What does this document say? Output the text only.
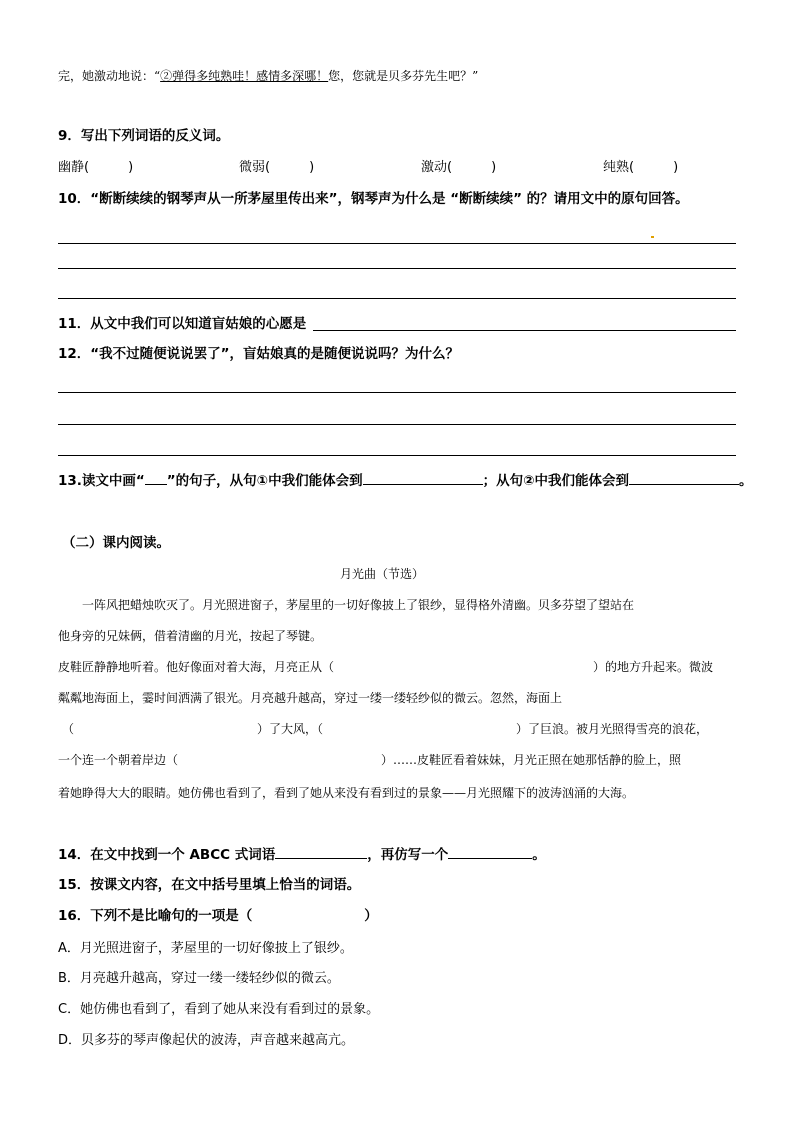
完，她激动地说：“②弹得多纯熟哇！感情多深哪！您，您就是贝多芬先生吧？”
9．写出下列词语的反义词。
幽静(　　　)	微弱(　　　)	激动(　　　)	纯熟(　　　)
10．“断断续续的钢琴声从一所茅屋里传出来”，钢琴声为什么是 “断断续续” 的？请用文中的原句回答。
11．从文中我们可以知道盲姑娘的心愿是
12．“我不过随便说说罢了”，盲姑娘真的是随便说说吗？为什么？
13.读文中画“ ”的句子，从句①中我们能体会到	；从句②中我们能体会到	。
（二）课内阅读。
月光曲（节选）
　　一阵风把蜡烛吹灭了。月光照进窗子，茅屋里的一切好像披上了银纱，显得格外清幽。贝多芬望了望站在
他身旁的兄妹俩，借着清幽的月光，按起了琴键。
皮鞋匠静静地听着。他好像面对着大海，月亮正从（	）的地方升起来。微波
粼粼地海面上，霎时间洒满了银光。月亮越升越高，穿过一缕一缕轻纱似的微云。忽然，海面上
（	）了大风，（	）了巨浪。被月光照得雪亮的浪花，
一个连一个朝着岸边（	）……皮鞋匠看着妹妹，月光正照在她那恬静的脸上，照
着她睁得大大的眼睛。她仿佛也看到了，看到了她从来没有看到过的景象——月光照耀下的波涛汹涌的大海。
14．在文中找到一个 ABCC 式词语	，再仿写一个	。
15．按课文内容，在文中括号里填上恰当的词语。
16．下列不是比喻句的一项是（	）
A．月光照进窗子，茅屋里的一切好像披上了银纱。
B．月亮越升越高，穿过一缕一缕轻纱似的微云。
C．她仿佛也看到了，看到了她从来没有看到过的景象。
D．贝多芬的琴声像起伏的波涛，声音越来越高亢。
